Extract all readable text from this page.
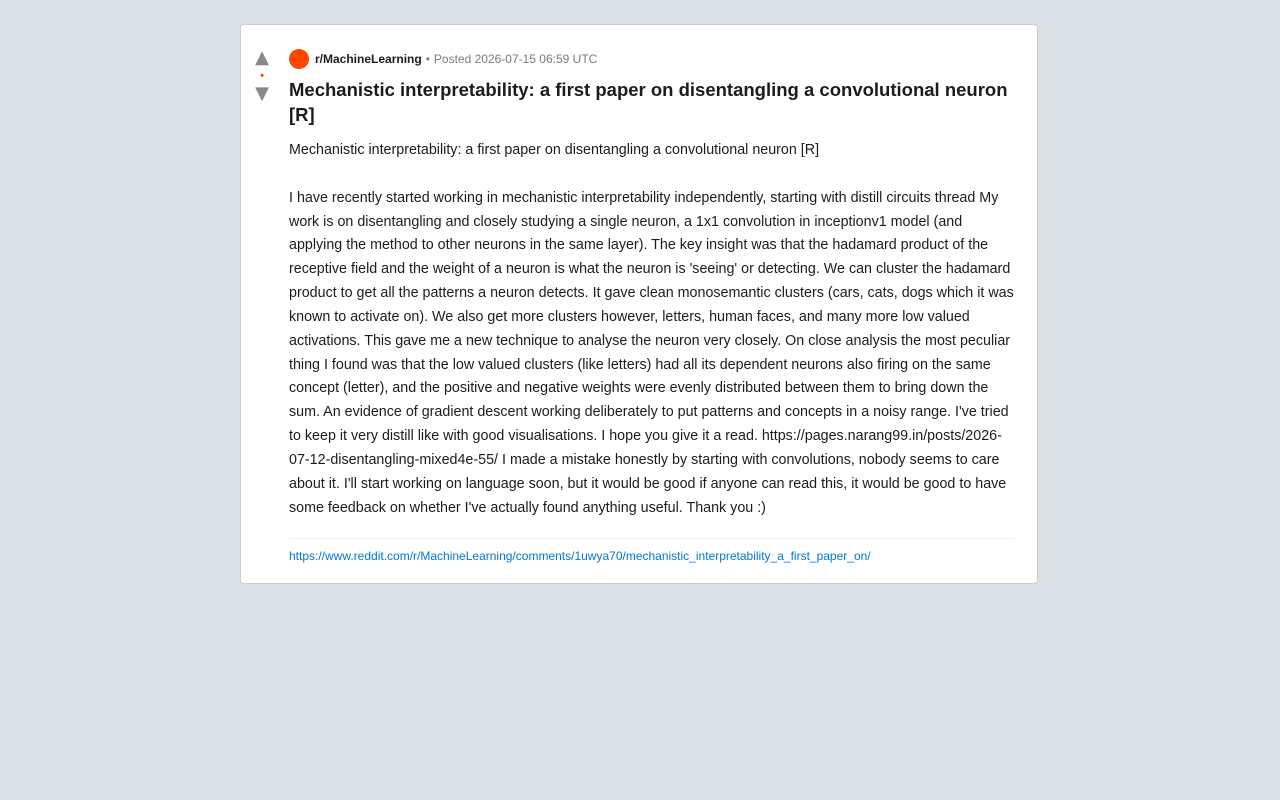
▲
•
▼
r/MachineLearning • Posted 2026-07-15 06:59 UTC
Mechanistic interpretability: a first paper on disentangling a convolutional neuron [R]

Mechanistic interpretability: a first paper on disentangling a convolutional neuron [R]

I have recently started working in mechanistic interpretability independently, starting with distill circuits thread My work is on disentangling and closely studying a single neuron, a 1x1 convolution in inceptionv1 model (and applying the method to other neurons in the same layer). The key insight was that the hadamard product of the receptive field and the weight of a neuron is what the neuron is 'seeing' or detecting. We can cluster the hadamard product to get all the patterns a neuron detects. It gave clean monosemantic clusters (cars, cats, dogs which it was known to activate on). We also get more clusters however, letters, human faces, and many more low valued activations. This gave me a new technique to analyse the neuron very closely. On close analysis the most peculiar thing I found was that the low valued clusters (like letters) had all its dependent neurons also firing on the same concept (letter), and the positive and negative weights were evenly distributed between them to bring down the sum. An evidence of gradient descent working deliberately to put patterns and concepts in a noisy range. I've tried to keep it very distill like with good visualisations. I hope you give it a read. https://pages.narang99.in/posts/2026-07-12-disentangling-mixed4e-55/ I made a mistake honestly by starting with convolutions, nobody seems to care about it. I'll start working on language soon, but it would be good if anyone can read this, it would be good to have some feedback on whether I've actually found anything useful. Thank you :)

https://www.reddit.com/r/MachineLearning/comments/1uwya70/mechanistic_interpretability_a_first_paper_on/
